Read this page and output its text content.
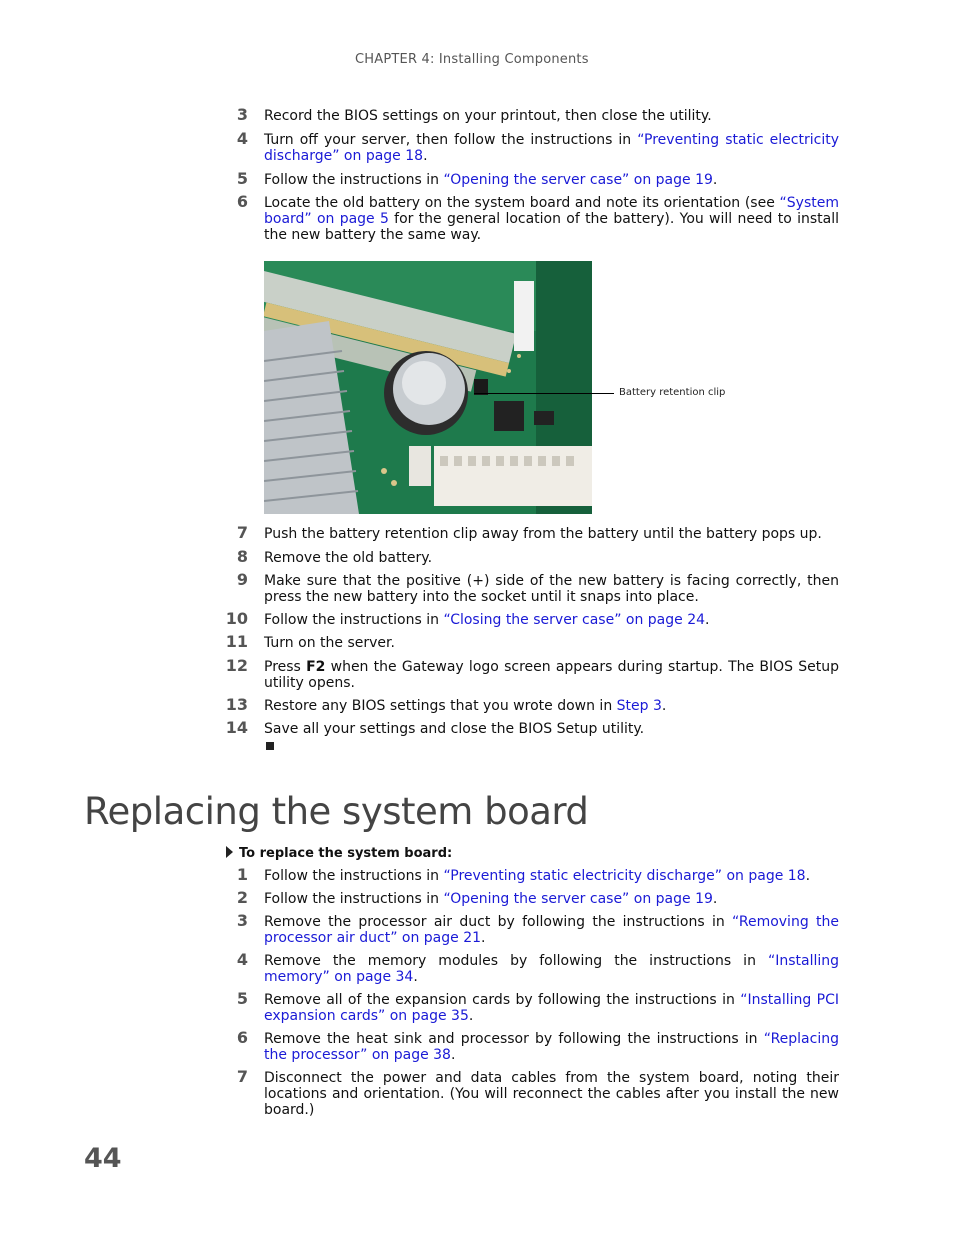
CHAPTER 4: Installing Components
3 Record the BIOS settings on your printout, then close the utility.
4 Turn off your server, then follow the instructions in “Preventing static electricity discharge” on page 18.
5 Follow the instructions in “Opening the server case” on page 19.
6 Locate the old battery on the system board and note its orientation (see “System board” on page 5 for the general location of the battery). You will need to install the new battery the same way.
Battery retention clip
7 Push the battery retention clip away from the battery until the battery pops up.
8 Remove the old battery.
9 Make sure that the positive (+) side of the new battery is facing correctly, then press the new battery into the socket until it snaps into place.
10 Follow the instructions in “Closing the server case” on page 24.
11 Turn on the server.
12 Press F2 when the Gateway logo screen appears during startup. The BIOS Setup utility opens.
13 Restore any BIOS settings that you wrote down in Step 3.
14 Save all your settings and close the BIOS Setup utility.
Replacing the system board
To replace the system board:
1 Follow the instructions in “Preventing static electricity discharge” on page 18.
2 Follow the instructions in “Opening the server case” on page 19.
3 Remove the processor air duct by following the instructions in “Removing the processor air duct” on page 21.
4 Remove the memory modules by following the instructions in “Installing memory” on page 34.
5 Remove all of the expansion cards by following the instructions in “Installing PCI expansion cards” on page 35.
6 Remove the heat sink and processor by following the instructions in “Replacing the processor” on page 38.
7 Disconnect the power and data cables from the system board, noting their locations and orientation. (You will reconnect the cables after you install the new board.)
44
